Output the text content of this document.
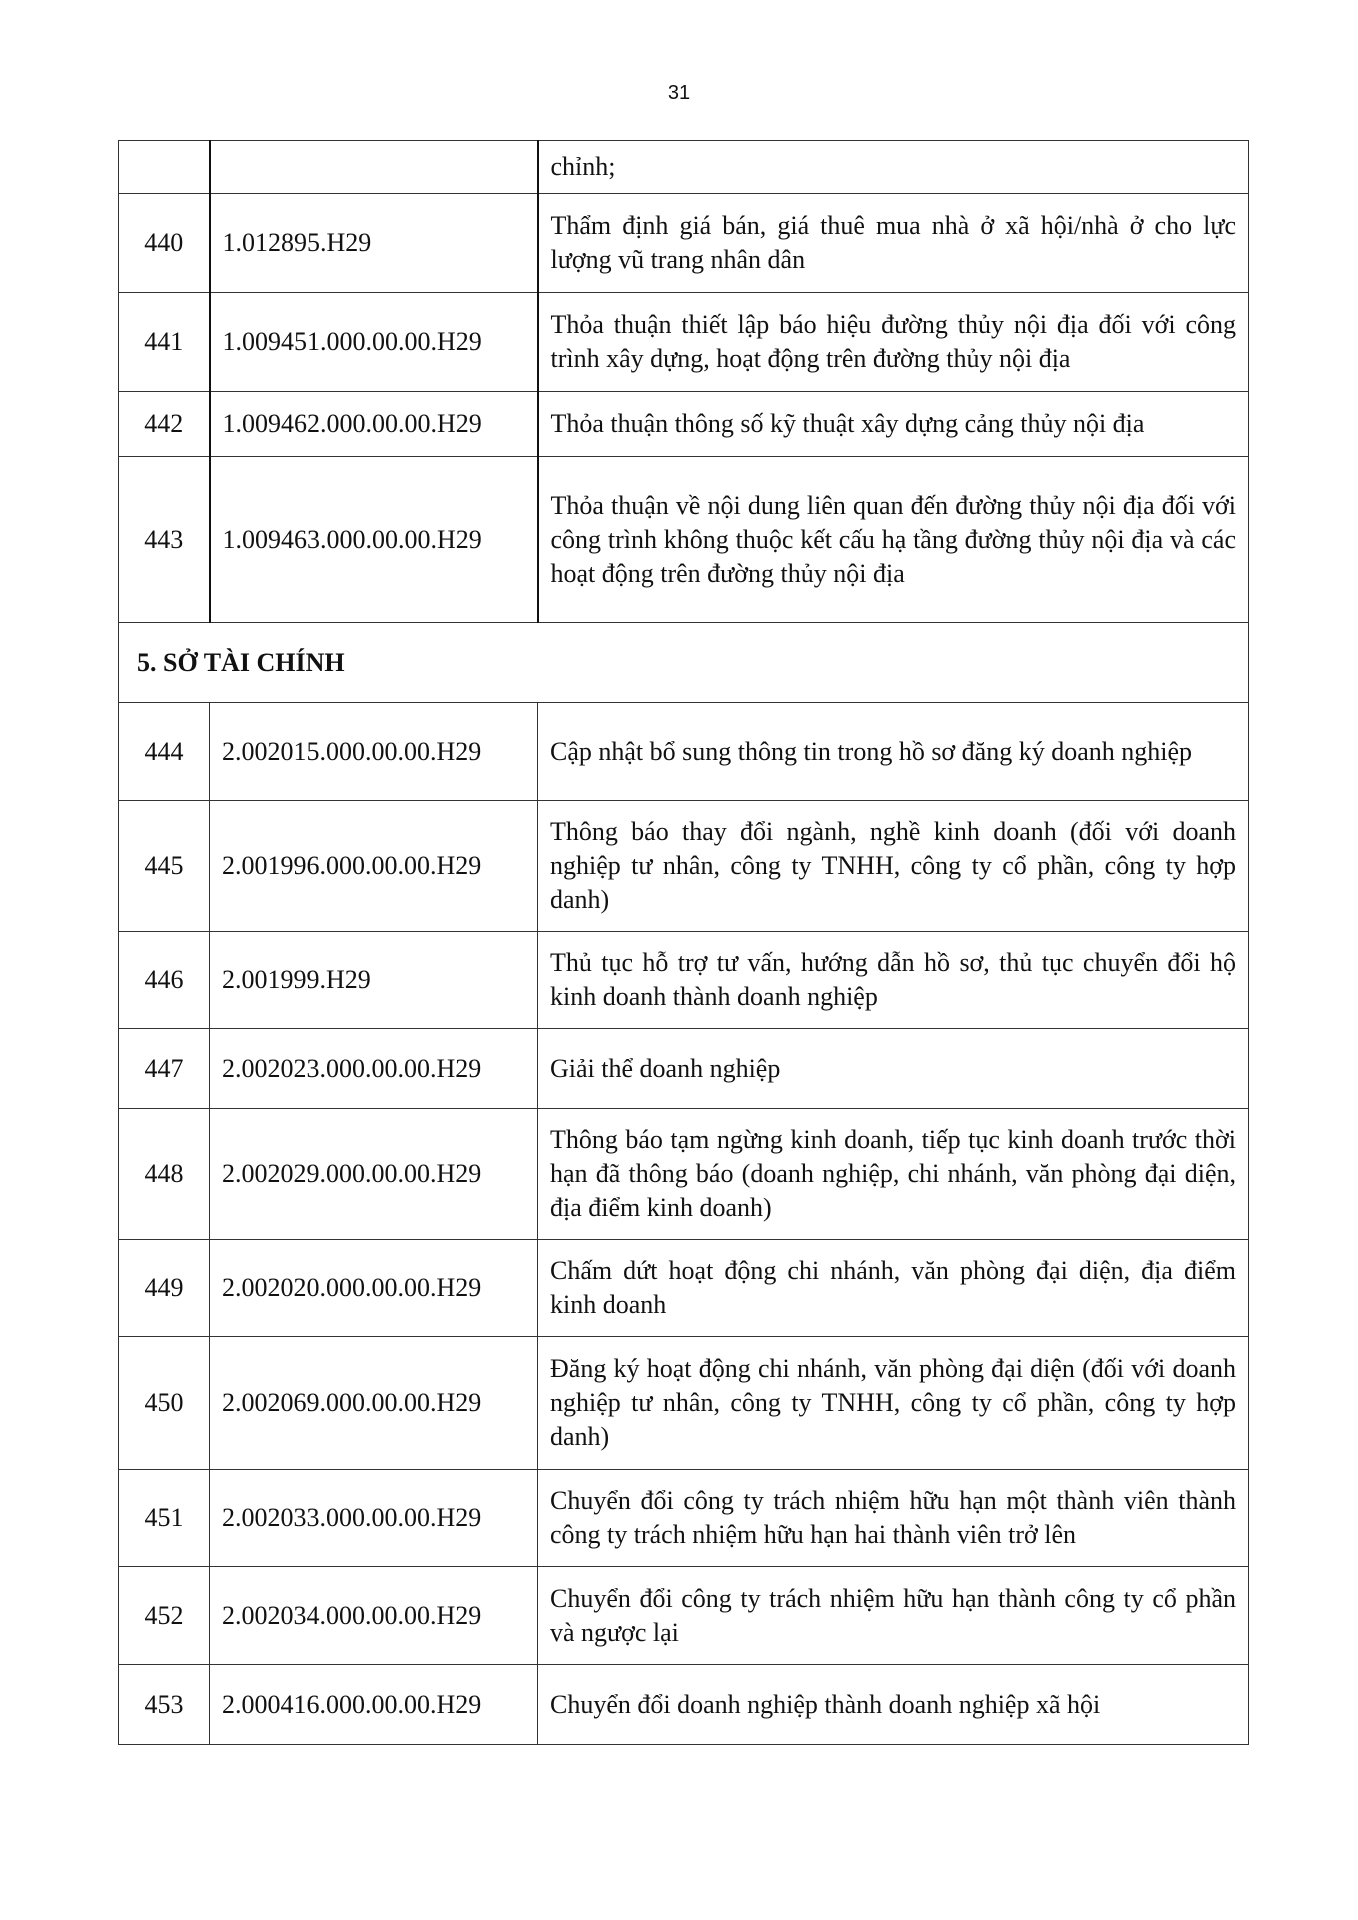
31
		chỉnh;
440	1.012895.H29	Thẩm định giá bán, giá thuê mua nhà ở xã hội/nhà ở cho lực lượng vũ trang nhân dân
441	1.009451.000.00.00.H29	Thỏa thuận thiết lập báo hiệu đường thủy nội địa đối với công trình xây dựng, hoạt động trên đường thủy nội địa
442	1.009462.000.00.00.H29	Thỏa thuận thông số kỹ thuật xây dựng cảng thủy nội địa
443	1.009463.000.00.00.H29	Thỏa thuận về nội dung liên quan đến đường thủy nội địa đối với công trình không thuộc kết cấu hạ tầng đường thủy nội địa và các hoạt động trên đường thủy nội địa
5. SỞ TÀI CHÍNH		
444	2.002015.000.00.00.H29	Cập nhật bổ sung thông tin trong hồ sơ đăng ký doanh nghiệp
445	2.001996.000.00.00.H29	Thông báo thay đổi ngành, nghề kinh doanh (đối với doanh nghiệp tư nhân, công ty TNHH, công ty cổ phần, công ty hợp danh)
446	2.001999.H29	Thủ tục hỗ trợ tư vấn, hướng dẫn hồ sơ, thủ tục chuyển đổi hộ kinh doanh thành doanh nghiệp
447	2.002023.000.00.00.H29	Giải thể doanh nghiệp
448	2.002029.000.00.00.H29	Thông báo tạm ngừng kinh doanh, tiếp tục kinh doanh trước thời hạn đã thông báo (doanh nghiệp, chi nhánh, văn phòng đại diện, địa điểm kinh doanh)
449	2.002020.000.00.00.H29	Chấm dứt hoạt động chi nhánh, văn phòng đại diện, địa điểm kinh doanh
450	2.002069.000.00.00.H29	Đăng ký hoạt động chi nhánh, văn phòng đại diện (đối với doanh nghiệp tư nhân, công ty TNHH, công ty cổ phần, công ty hợp danh)
451	2.002033.000.00.00.H29	Chuyển đổi công ty trách nhiệm hữu hạn một thành viên thành công ty trách nhiệm hữu hạn hai thành viên trở lên
452	2.002034.000.00.00.H29	Chuyển đổi công ty trách nhiệm hữu hạn thành công ty cổ phần và ngược lại
453	2.000416.000.00.00.H29	Chuyển đổi doanh nghiệp thành doanh nghiệp xã hội
